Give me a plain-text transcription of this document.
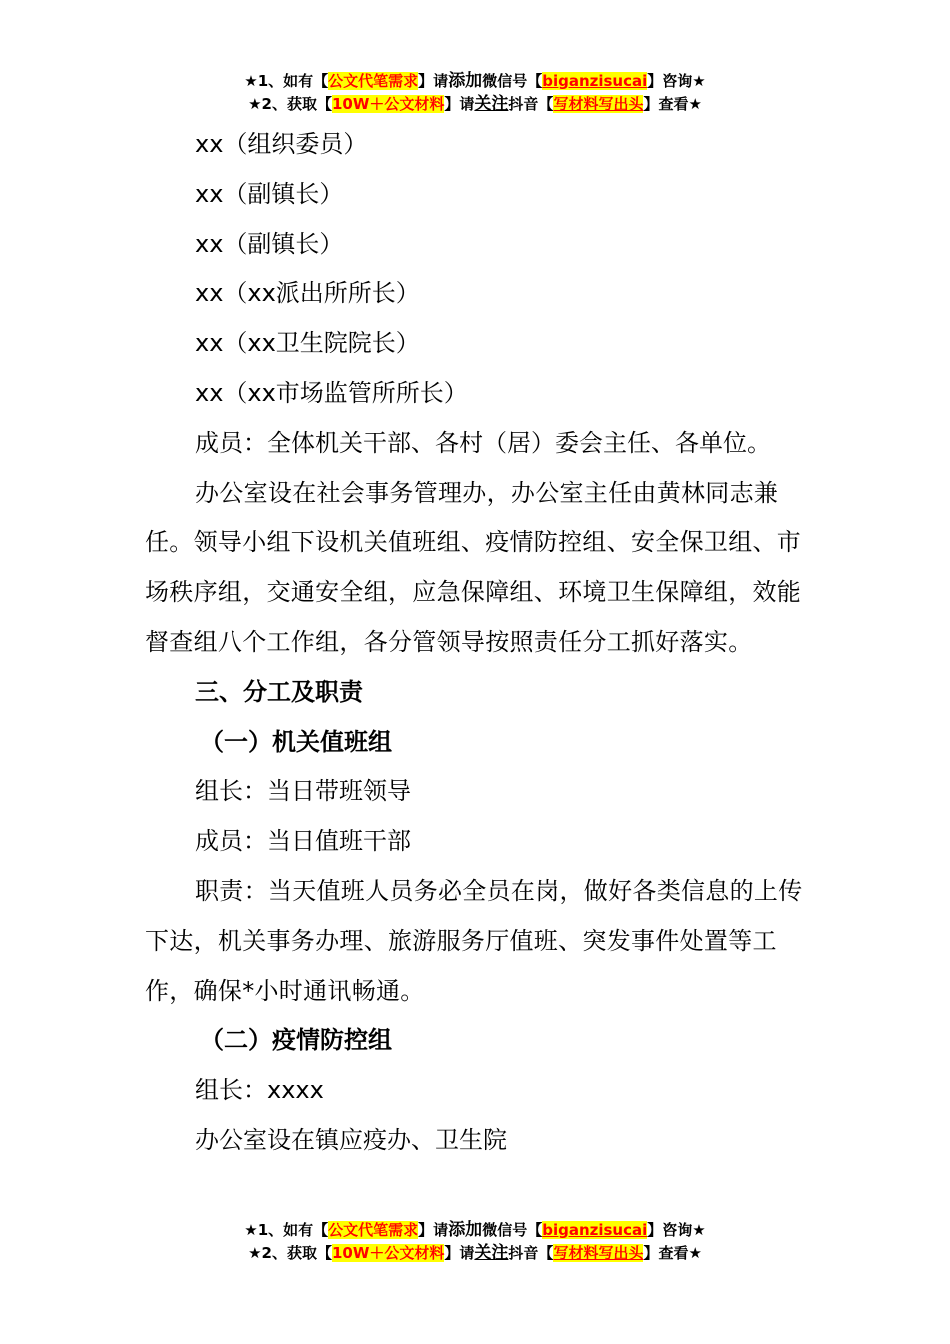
★1、如有【公文代笔需求】请添加微信号【biganzisucai】咨询★
★2、获取【10W＋公文材料】请关注抖音【写材料写出头】查看★

xx（组织委员）

xx（副镇长）

xx（副镇长）

xx（xx派出所所长）

xx（xx卫生院院长）

xx（xx市场监管所所长）

成员：全体机关干部、各村（居）委会主任、各单位。

办公室设在社会事务管理办，办公室主任由黄林同志兼任。领导小组下设机关值班组、疫情防控组、安全保卫组、市场秩序组，交通安全组，应急保障组、环境卫生保障组，效能督查组八个工作组，各分管领导按照责任分工抓好落实。

三、分工及职责

（一）机关值班组

组长：当日带班领导

成员：当日值班干部

职责：当天值班人员务必全员在岗，做好各类信息的上传下达，机关事务办理、旅游服务厅值班、突发事件处置等工作，确保*小时通讯畅通。

（二）疫情防控组

组长：xxxx

办公室设在镇应疫办、卫生院

★1、如有【公文代笔需求】请添加微信号【biganzisucai】咨询★
★2、获取【10W＋公文材料】请关注抖音【写材料写出头】查看★
